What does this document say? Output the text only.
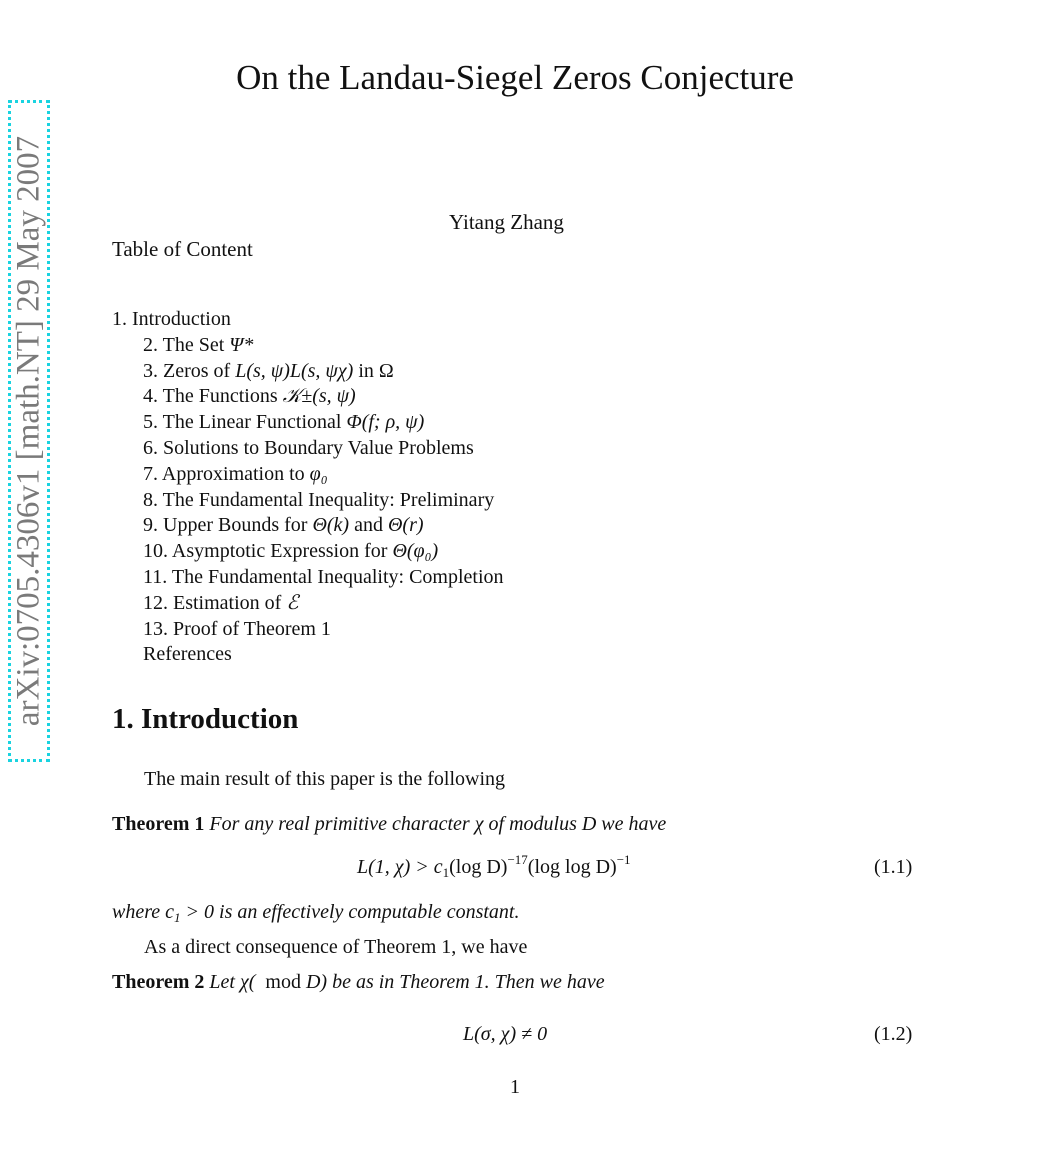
arXiv:0705.4306v1 [math.NT] 29 May 2007
On the Landau-Siegel Zeros Conjecture
Yitang Zhang
Table of Content
1. Introduction
2. The Set Ψ*
3. Zeros of L(s, ψ)L(s, ψχ) in Ω
4. The Functions 𝒦±(s, ψ)
5. The Linear Functional Φ(f; ρ, ψ)
6. Solutions to Boundary Value Problems
7. Approximation to φ₀
8. The Fundamental Inequality: Preliminary
9. Upper Bounds for Θ(k) and Θ(r)
10. Asymptotic Expression for Θ(φ₀)
11. The Fundamental Inequality: Completion
12. Estimation of ℰ
13. Proof of Theorem 1
References
1. Introduction
The main result of this paper is the following
Theorem 1 For any real primitive character χ of modulus D we have
L(1, $\chi) > c_1(\log$ D)$^{-17}$(log log D)$^{-1}$	(1.1)
where $c_1 > 0$ is an effectively computable constant.
As a direct consequence of Theorem 1, we have
Theorem 2 Let χ(  mod D) be as in Theorem 1. Then we have
L(σ, χ) ≠ 0	(1.2)
1
